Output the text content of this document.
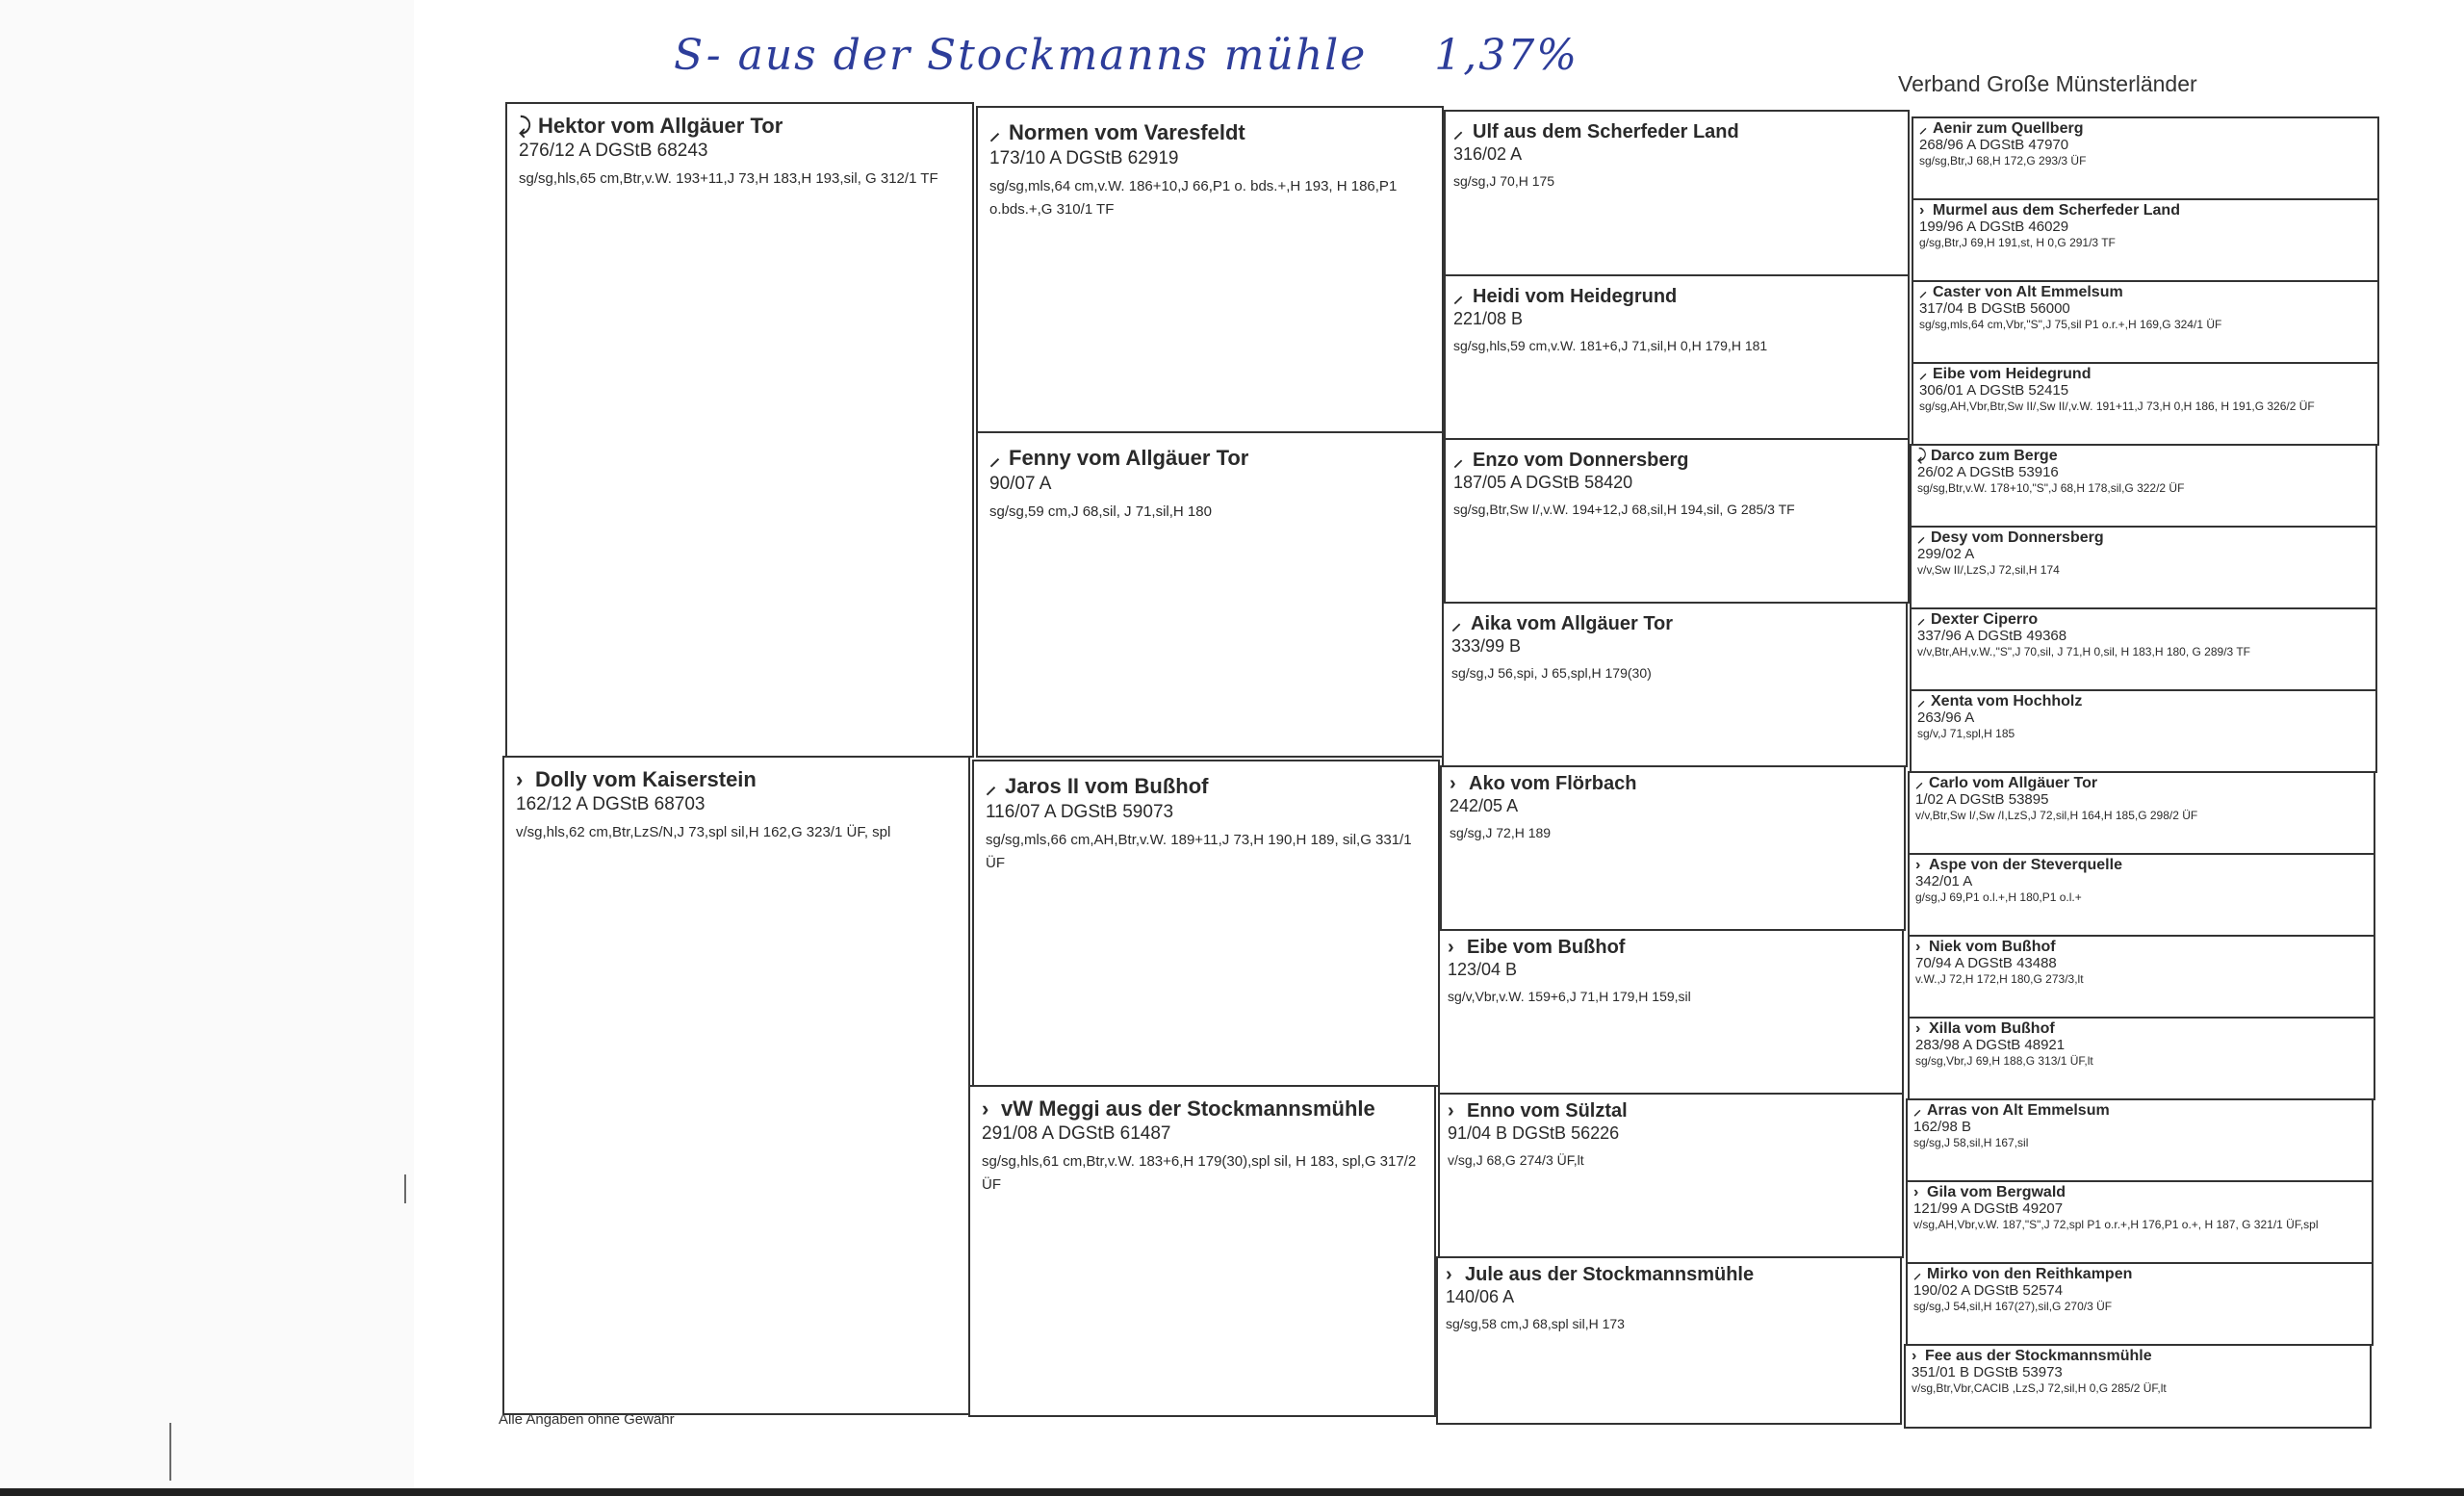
S- aus der Stockmanns mühle 1,37%
Verband Große Münsterländer
⤸ Hektor vom Allgäuer Tor
276/12 A DGStB 68243
sg/sg,hls,65 cm,Btr,v.W. 193+11,J 73,H 183,H 193,sil, G 312/1 TF
› Dolly vom Kaiserstein
162/12 A DGStB 68703
v/sg,hls,62 cm,Btr,LzS/N,J 73,spl sil,H 162,G 323/1 ÜF, spl
⸝ Normen vom Varesfeldt
173/10 A DGStB 62919
sg/sg,mls,64 cm,v.W. 186+10,J 66,P1 o. bds.+,H 193, H 186,P1 o.bds.+,G 310/1 TF
⸝ Fenny vom Allgäuer Tor
90/07 A
sg/sg,59 cm,J 68,sil, J 71,sil,H 180
⸝ Jaros II vom Bußhof
116/07 A DGStB 59073
sg/sg,mls,66 cm,AH,Btr,v.W. 189+11,J 73,H 190,H 189, sil,G 331/1 ÜF
› vW Meggi aus der Stockmannsmühle
291/08 A DGStB 61487
sg/sg,hls,61 cm,Btr,v.W. 183+6,H 179(30),spl sil, H 183, spl,G 317/2 ÜF
⸝ Ulf aus dem Scherfeder Land
316/02 A
sg/sg,J 70,H 175
⸝ Heidi vom Heidegrund
221/08 B
sg/sg,hls,59 cm,v.W. 181+6,J 71,sil,H 0,H 179,H 181
⸝ Enzo vom Donnersberg
187/05 A DGStB 58420
sg/sg,Btr,Sw I/,v.W. 194+12,J 68,sil,H 194,sil, G 285/3 TF
⸝ Aika vom Allgäuer Tor
333/99 B
sg/sg,J 56,spi, J 65,spl,H 179(30)
› Ako vom Flörbach
242/05 A
sg/sg,J 72,H 189
› Eibe vom Bußhof
123/04 B
sg/v,Vbr,v.W. 159+6,J 71,H 179,H 159,sil
› Enno vom Sülztal
91/04 B DGStB 56226
v/sg,J 68,G 274/3 ÜF,lt
› Jule aus der Stockmannsmühle
140/06 A
sg/sg,58 cm,J 68,spl sil,H 173
⸝ Aenir zum Quellberg
268/96 A DGStB 47970
sg/sg,Btr,J 68,H 172,G 293/3 ÜF
› Murmel aus dem Scherfeder Land
199/96 A DGStB 46029
g/sg,Btr,J 69,H 191,st, H 0,G 291/3 TF
⸝ Caster von Alt Emmelsum
317/04 B DGStB 56000
sg/sg,mls,64 cm,Vbr,"S",J 75,sil P1 o.r.+,H 169,G 324/1 ÜF
⸝ Eibe vom Heidegrund
306/01 A DGStB 52415
sg/sg,AH,Vbr,Btr,Sw II/,Sw II/,v.W. 191+11,J 73,H 0,H 186, H 191,G 326/2 ÜF
⤸ Darco zum Berge
26/02 A DGStB 53916
sg/sg,Btr,v.W. 178+10,"S",J 68,H 178,sil,G 322/2 ÜF
⸝ Desy vom Donnersberg
299/02 A
v/v,Sw II/,LzS,J 72,sil,H 174
⸝ Dexter Ciperro
337/96 A DGStB 49368
v/v,Btr,AH,v.W.,"S",J 70,sil, J 71,H 0,sil, H 183,H 180, G 289/3 TF
⸝ Xenta vom Hochholz
263/96 A
sg/v,J 71,spl,H 185
⸝ Carlo vom Allgäuer Tor
1/02 A DGStB 53895
v/v,Btr,Sw I/,Sw /I,LzS,J 72,sil,H 164,H 185,G 298/2 ÜF
› Aspe von der Steverquelle
342/01 A
g/sg,J 69,P1 o.l.+,H 180,P1 o.l.+
› Niek vom Bußhof
70/94 A DGStB 43488
v.W.,J 72,H 172,H 180,G 273/3,lt
› Xilla vom Bußhof
283/98 A DGStB 48921
sg/sg,Vbr,J 69,H 188,G 313/1 ÜF,lt
⸝ Arras von Alt Emmelsum
162/98 B
sg/sg,J 58,sil,H 167,sil
› Gila vom Bergwald
121/99 A DGStB 49207
v/sg,AH,Vbr,v.W. 187,"S",J 72,spl P1 o.r.+,H 176,P1 o.+, H 187, G 321/1 ÜF,spl
⸝ Mirko von den Reithkampen
190/02 A DGStB 52574
sg/sg,J 54,sil,H 167(27),sil,G 270/3 ÜF
› Fee aus der Stockmannsmühle
351/01 B DGStB 53973
v/sg,Btr,Vbr,CACIB ,LzS,J 72,sil,H 0,G 285/2 ÜF,lt
Alle Angaben ohne Gewähr
